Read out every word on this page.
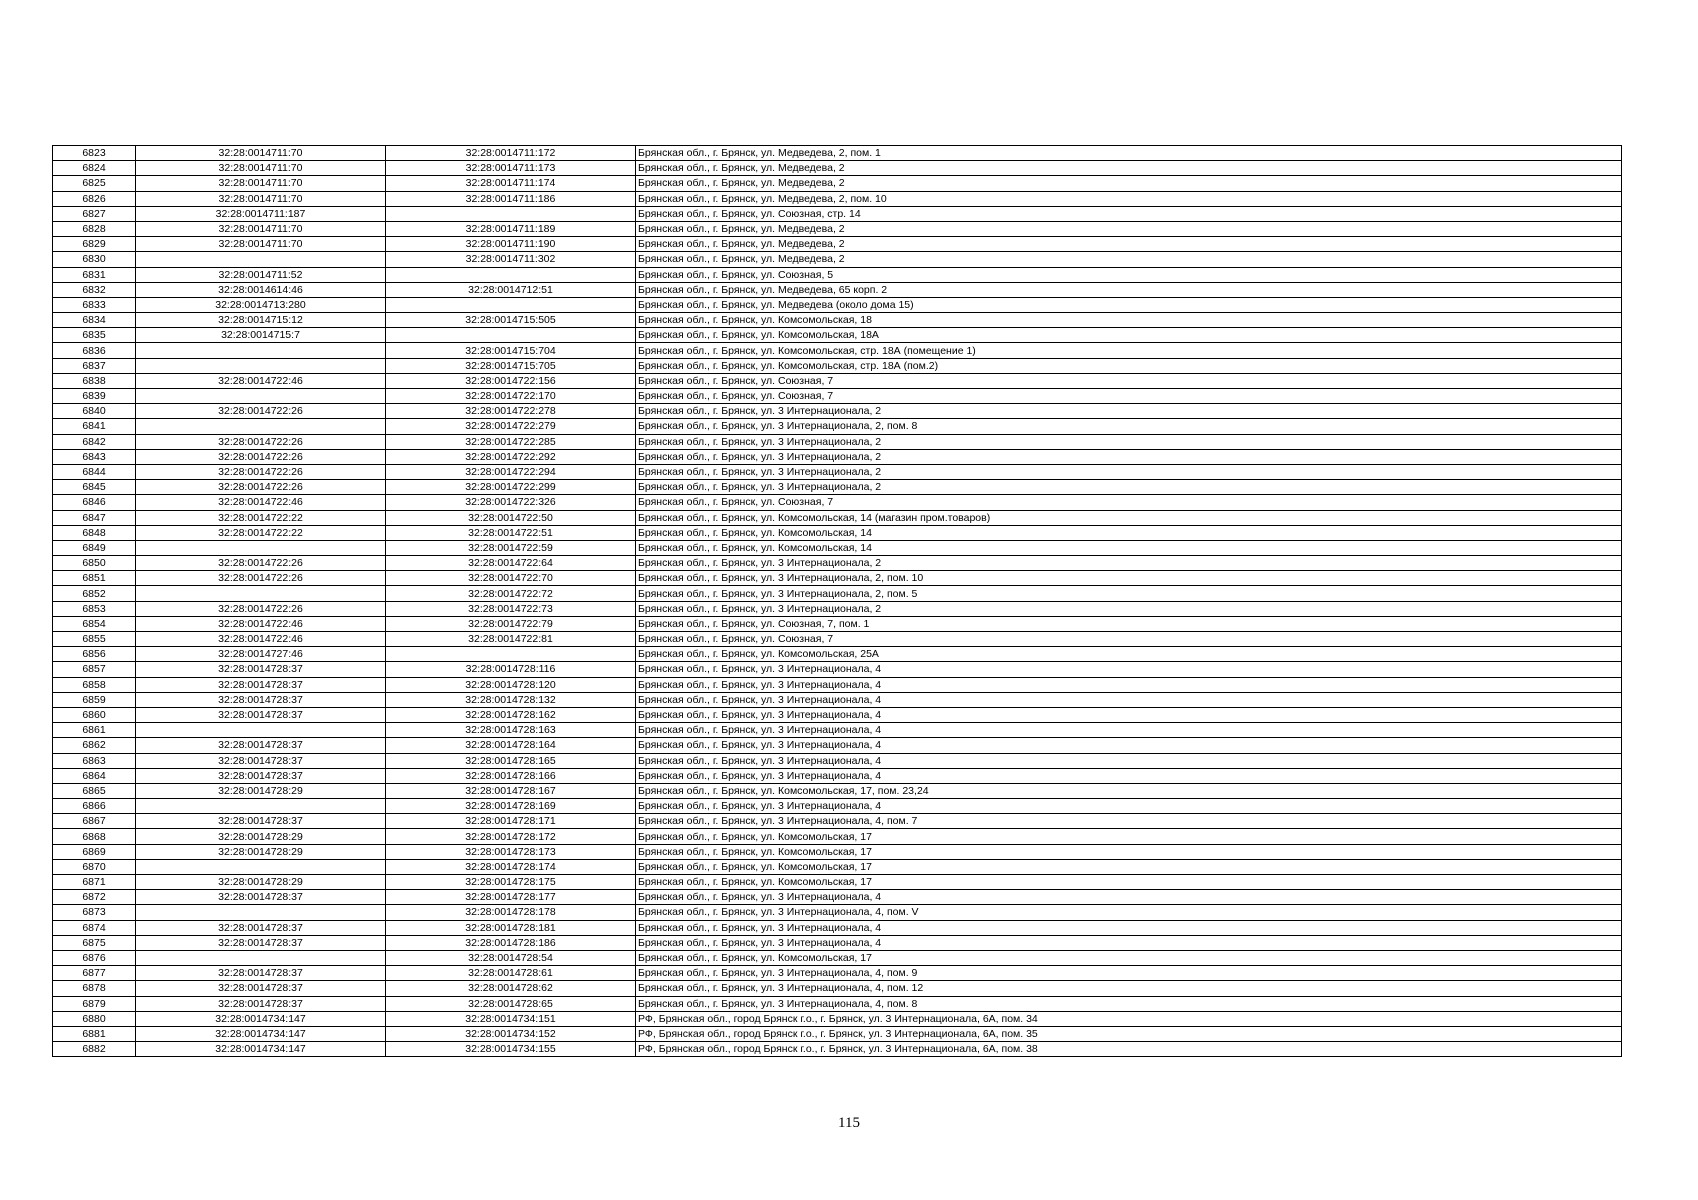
6823	32:28:0014711:70	32:28:0014711:172	Брянская обл., г. Брянск, ул. Медведева, 2, пом. 1
6824	32:28:0014711:70	32:28:0014711:173	Брянская обл., г. Брянск, ул. Медведева, 2
6825	32:28:0014711:70	32:28:0014711:174	Брянская обл., г. Брянск, ул. Медведева, 2
6826	32:28:0014711:70	32:28:0014711:186	Брянская обл., г. Брянск, ул. Медведева, 2, пом. 10
6827	32:28:0014711:187		Брянская обл., г. Брянск, ул. Союзная, стр. 14
6828	32:28:0014711:70	32:28:0014711:189	Брянская обл., г. Брянск, ул. Медведева, 2
6829	32:28:0014711:70	32:28:0014711:190	Брянская обл., г. Брянск, ул. Медведева, 2
6830		32:28:0014711:302	Брянская обл., г. Брянск, ул. Медведева, 2
6831	32:28:0014711:52		Брянская обл., г. Брянск, ул. Союзная, 5
6832	32:28:0014614:46	32:28:0014712:51	Брянская обл., г. Брянск, ул. Медведева, 65 корп. 2
6833	32:28:0014713:280		Брянская обл., г. Брянск, ул. Медведева (около дома 15)
6834	32:28:0014715:12	32:28:0014715:505	Брянская обл., г. Брянск, ул. Комсомольская, 18
6835	32:28:0014715:7		Брянская обл., г. Брянск, ул. Комсомольская, 18А
6836		32:28:0014715:704	Брянская обл., г. Брянск, ул. Комсомольская, стр. 18А (помещение 1)
6837		32:28:0014715:705	Брянская обл., г. Брянск, ул. Комсомольская, стр. 18А (пом.2)
6838	32:28:0014722:46	32:28:0014722:156	Брянская обл., г. Брянск, ул. Союзная, 7
6839		32:28:0014722:170	Брянская обл., г. Брянск, ул. Союзная, 7
6840	32:28:0014722:26	32:28:0014722:278	Брянская обл., г. Брянск, ул. 3 Интернационала, 2
6841		32:28:0014722:279	Брянская обл., г. Брянск, ул. 3 Интернационала, 2, пом. 8
6842	32:28:0014722:26	32:28:0014722:285	Брянская обл., г. Брянск, ул. 3 Интернационала, 2
6843	32:28:0014722:26	32:28:0014722:292	Брянская обл., г. Брянск, ул. 3 Интернационала, 2
6844	32:28:0014722:26	32:28:0014722:294	Брянская обл., г. Брянск, ул. 3 Интернационала, 2
6845	32:28:0014722:26	32:28:0014722:299	Брянская обл., г. Брянск, ул. 3 Интернационала, 2
6846	32:28:0014722:46	32:28:0014722:326	Брянская обл., г. Брянск, ул. Союзная, 7
6847	32:28:0014722:22	32:28:0014722:50	Брянская обл., г. Брянск, ул. Комсомольская, 14 (магазин пром.товаров)
6848	32:28:0014722:22	32:28:0014722:51	Брянская обл., г. Брянск, ул. Комсомольская, 14
6849		32:28:0014722:59	Брянская обл., г. Брянск, ул. Комсомольская, 14
6850	32:28:0014722:26	32:28:0014722:64	Брянская обл., г. Брянск, ул. 3 Интернационала, 2
6851	32:28:0014722:26	32:28:0014722:70	Брянская обл., г. Брянск, ул. 3 Интернационала, 2, пом. 10
6852		32:28:0014722:72	Брянская обл., г. Брянск, ул. 3 Интернационала, 2, пом. 5
6853	32:28:0014722:26	32:28:0014722:73	Брянская обл., г. Брянск, ул. 3 Интернационала, 2
6854	32:28:0014722:46	32:28:0014722:79	Брянская обл., г. Брянск, ул. Союзная, 7, пом. 1
6855	32:28:0014722:46	32:28:0014722:81	Брянская обл., г. Брянск, ул. Союзная, 7
6856	32:28:0014727:46		Брянская обл., г. Брянск, ул. Комсомольская, 25А
6857	32:28:0014728:37	32:28:0014728:116	Брянская обл., г. Брянск, ул. 3 Интернационала, 4
6858	32:28:0014728:37	32:28:0014728:120	Брянская обл., г. Брянск, ул. 3 Интернационала, 4
6859	32:28:0014728:37	32:28:0014728:132	Брянская обл., г. Брянск, ул. 3 Интернационала, 4
6860	32:28:0014728:37	32:28:0014728:162	Брянская обл., г. Брянск, ул. 3 Интернационала, 4
6861		32:28:0014728:163	Брянская обл., г. Брянск, ул. 3 Интернационала, 4
6862	32:28:0014728:37	32:28:0014728:164	Брянская обл., г. Брянск, ул. 3 Интернационала, 4
6863	32:28:0014728:37	32:28:0014728:165	Брянская обл., г. Брянск, ул. 3 Интернационала, 4
6864	32:28:0014728:37	32:28:0014728:166	Брянская обл., г. Брянск, ул. 3 Интернационала, 4
6865	32:28:0014728:29	32:28:0014728:167	Брянская обл., г. Брянск, ул. Комсомольская, 17, пом. 23,24
6866		32:28:0014728:169	Брянская обл., г. Брянск, ул. 3 Интернационала, 4
6867	32:28:0014728:37	32:28:0014728:171	Брянская обл., г. Брянск, ул. 3 Интернационала, 4, пом. 7
6868	32:28:0014728:29	32:28:0014728:172	Брянская обл., г. Брянск, ул. Комсомольская, 17
6869	32:28:0014728:29	32:28:0014728:173	Брянская обл., г. Брянск, ул. Комсомольская, 17
6870		32:28:0014728:174	Брянская обл., г. Брянск, ул. Комсомольская, 17
6871	32:28:0014728:29	32:28:0014728:175	Брянская обл., г. Брянск, ул. Комсомольская, 17
6872	32:28:0014728:37	32:28:0014728:177	Брянская обл., г. Брянск, ул. 3 Интернационала, 4
6873		32:28:0014728:178	Брянская обл., г. Брянск, ул. 3 Интернационала, 4, пом. V
6874	32:28:0014728:37	32:28:0014728:181	Брянская обл., г. Брянск, ул. 3 Интернационала, 4
6875	32:28:0014728:37	32:28:0014728:186	Брянская обл., г. Брянск, ул. 3 Интернационала, 4
6876		32:28:0014728:54	Брянская обл., г. Брянск, ул. Комсомольская, 17
6877	32:28:0014728:37	32:28:0014728:61	Брянская обл., г. Брянск, ул. 3 Интернационала, 4, пом. 9
6878	32:28:0014728:37	32:28:0014728:62	Брянская обл., г. Брянск, ул. 3 Интернационала, 4, пом. 12
6879	32:28:0014728:37	32:28:0014728:65	Брянская обл., г. Брянск, ул. 3 Интернационала, 4, пом. 8
6880	32:28:0014734:147	32:28:0014734:151	РФ, Брянская обл., город Брянск г.о., г. Брянск, ул. 3 Интернационала, 6А, пом. 34
6881	32:28:0014734:147	32:28:0014734:152	РФ, Брянская обл., город Брянск г.о., г. Брянск, ул. 3 Интернационала, 6А, пом. 35
6882	32:28:0014734:147	32:28:0014734:155	РФ, Брянская обл., город Брянск г.о., г. Брянск, ул. 3 Интернационала, 6А, пом. 38
115
